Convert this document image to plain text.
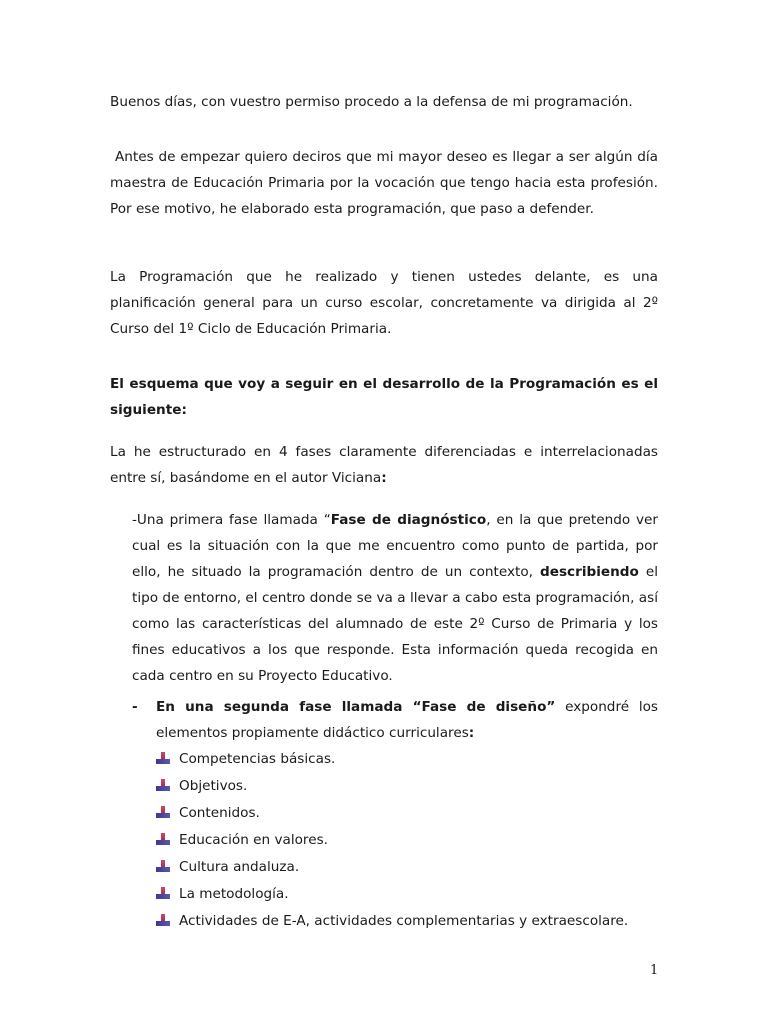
Buenos días, con vuestro permiso procedo a la defensa de mi programación.

Antes de empezar quiero deciros que mi mayor deseo es llegar a ser algún día maestra de Educación Primaria por la vocación que tengo hacia esta profesión. Por ese motivo, he elaborado esta programación, que paso a defender.

La Programación que he realizado y tienen ustedes delante, es una planificación general para un curso escolar, concretamente va dirigida al 2º Curso del 1º Ciclo de Educación Primaria.

El esquema que voy a seguir en el desarrollo de la Programación es el siguiente:

La he estructurado en 4 fases claramente diferenciadas e interrelacionadas entre sí, basándome en el autor Viciana:

-Una primera fase llamada “Fase de diagnóstico, en la que pretendo ver cual es la situación con la que me encuentro como punto de partida, por ello, he situado la programación dentro de un contexto, describiendo el tipo de entorno, el centro donde se va a llevar a cabo esta programación, así como las características del alumnado de este 2º Curso de Primaria y los fines educativos a los que responde. Esta información queda recogida en cada centro en su Proyecto Educativo.

- En una segunda fase llamada “Fase de diseño” expondré los elementos propiamente didáctico curriculares:

Competencias básicas.
Objetivos.
Contenidos.
Educación en valores.
Cultura andaluza.
La metodología.
Actividades de E-A, actividades complementarias y extraescolare.
1
